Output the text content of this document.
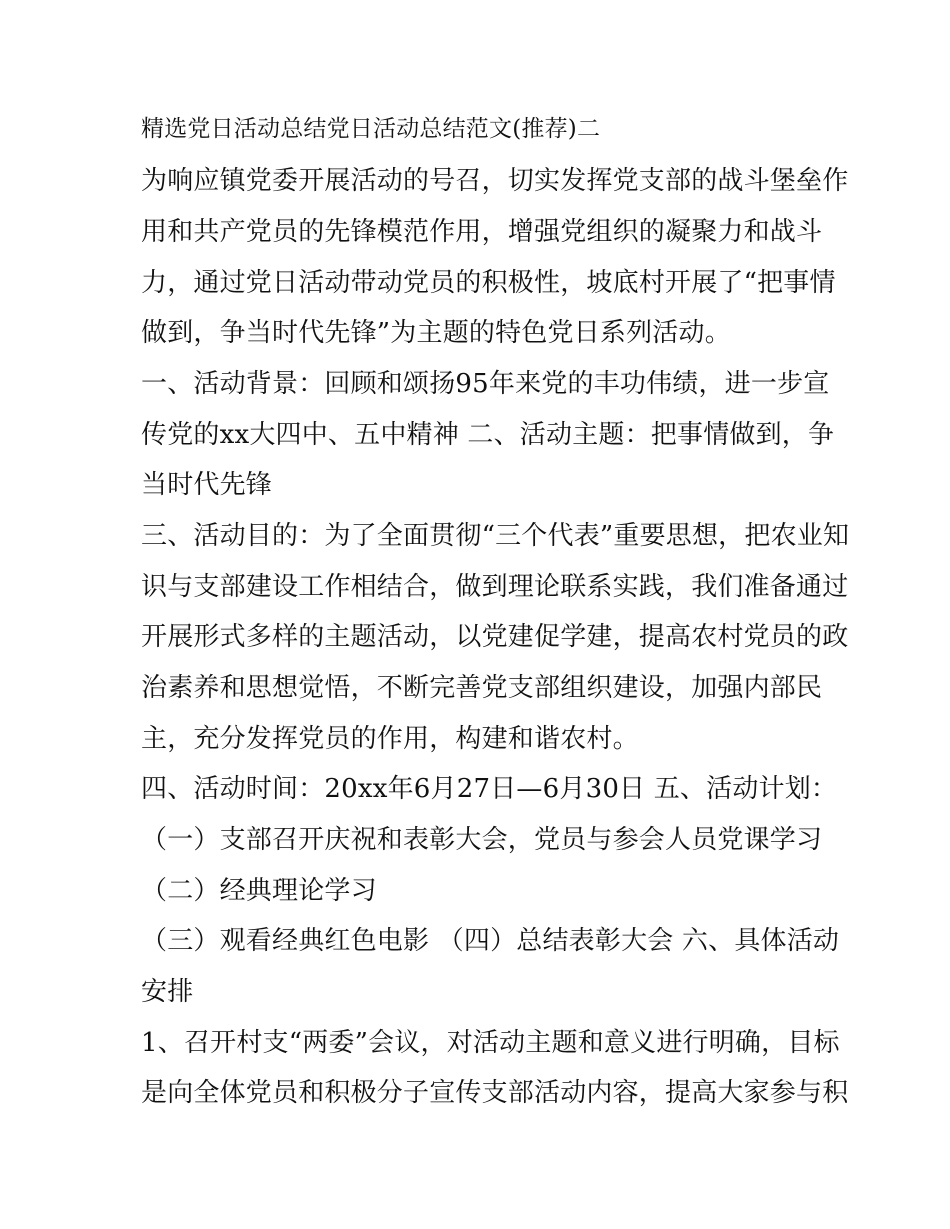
精选党日活动总结党日活动总结范文(推荐)二
为响应镇党委开展活动的号召，切实发挥党支部的战斗堡垒作
用和共产党员的先锋模范作用，增强党组织的凝聚力和战斗
力，通过党日活动带动党员的积极性，坡底村开展了“把事情
做到，争当时代先锋”为主题的特色党日系列活动。
一、活动背景：回顾和颂扬95年来党的丰功伟绩，进一步宣
传党的xx大四中、五中精神 二、活动主题：把事情做到，争
当时代先锋
三、活动目的：为了全面贯彻“三个代表”重要思想，把农业知
识与支部建设工作相结合，做到理论联系实践，我们准备通过
开展形式多样的主题活动，以党建促学建，提高农村党员的政
治素养和思想觉悟，不断完善党支部组织建设，加强内部民
主，充分发挥党员的作用，构建和谐农村。
四、活动时间：20xx年6月27日—6月30日 五、活动计划：
（一）支部召开庆祝和表彰大会，党员与参会人员党课学习
（二）经典理论学习
（三）观看经典红色电影 （四）总结表彰大会 六、具体活动
安排
1、召开村支“两委”会议，对活动主题和意义进行明确，目标
是向全体党员和积极分子宣传支部活动内容，提高大家参与积
